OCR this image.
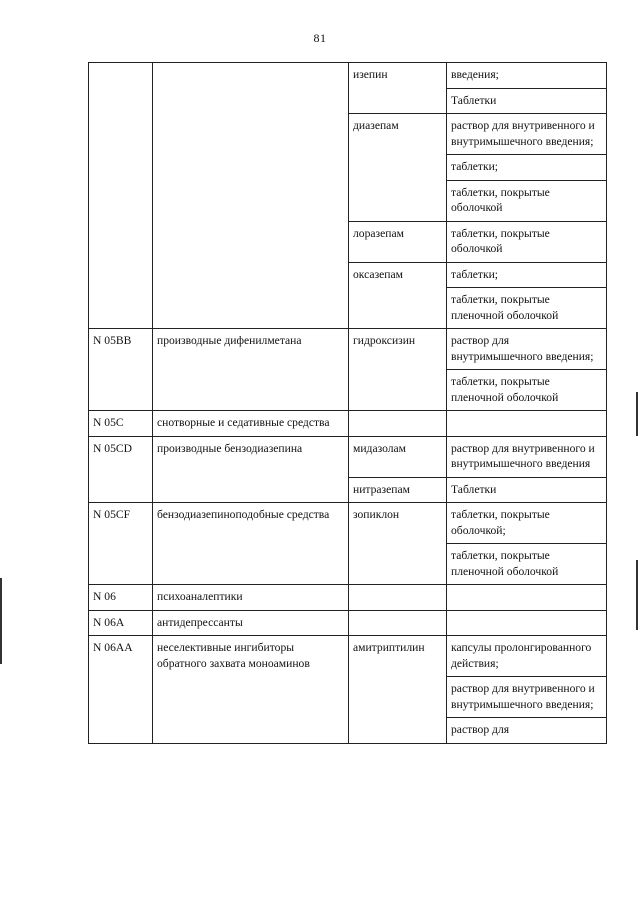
81

		изепин	введения;

			Таблетки

		диазепам	раствор для внутривенного и внутримышечного введения;

			таблетки;

			таблетки, покрытые оболочкой

		лоразепам	таблетки, покрытые оболочкой

		оксазепам	таблетки;

			таблетки, покрытые пленочной оболочкой

N 05BB	производные дифенилметана	гидроксизин	раствор для внутримышечного введения;

			таблетки, покрытые пленочной оболочкой

N 05C	снотворные и седативные средства		

N 05CD	производные бензодиазепина	мидазолам	раствор для внутривенного и внутримышечного введения

		нитразепам	Таблетки

N 05CF	бензодиазепиноподобные средства	зопиклон	таблетки, покрытые оболочкой;

			таблетки, покрытые пленочной оболочкой

N 06	психоаналептики		

N 06A	антидепрессанты		

N 06AA	неселективные ингибиторы обратного захвата моноаминов	амитриптилин	капсулы пролонгированного действия;

			раствор для внутривенного и внутримышечного введения;

			раствор для
